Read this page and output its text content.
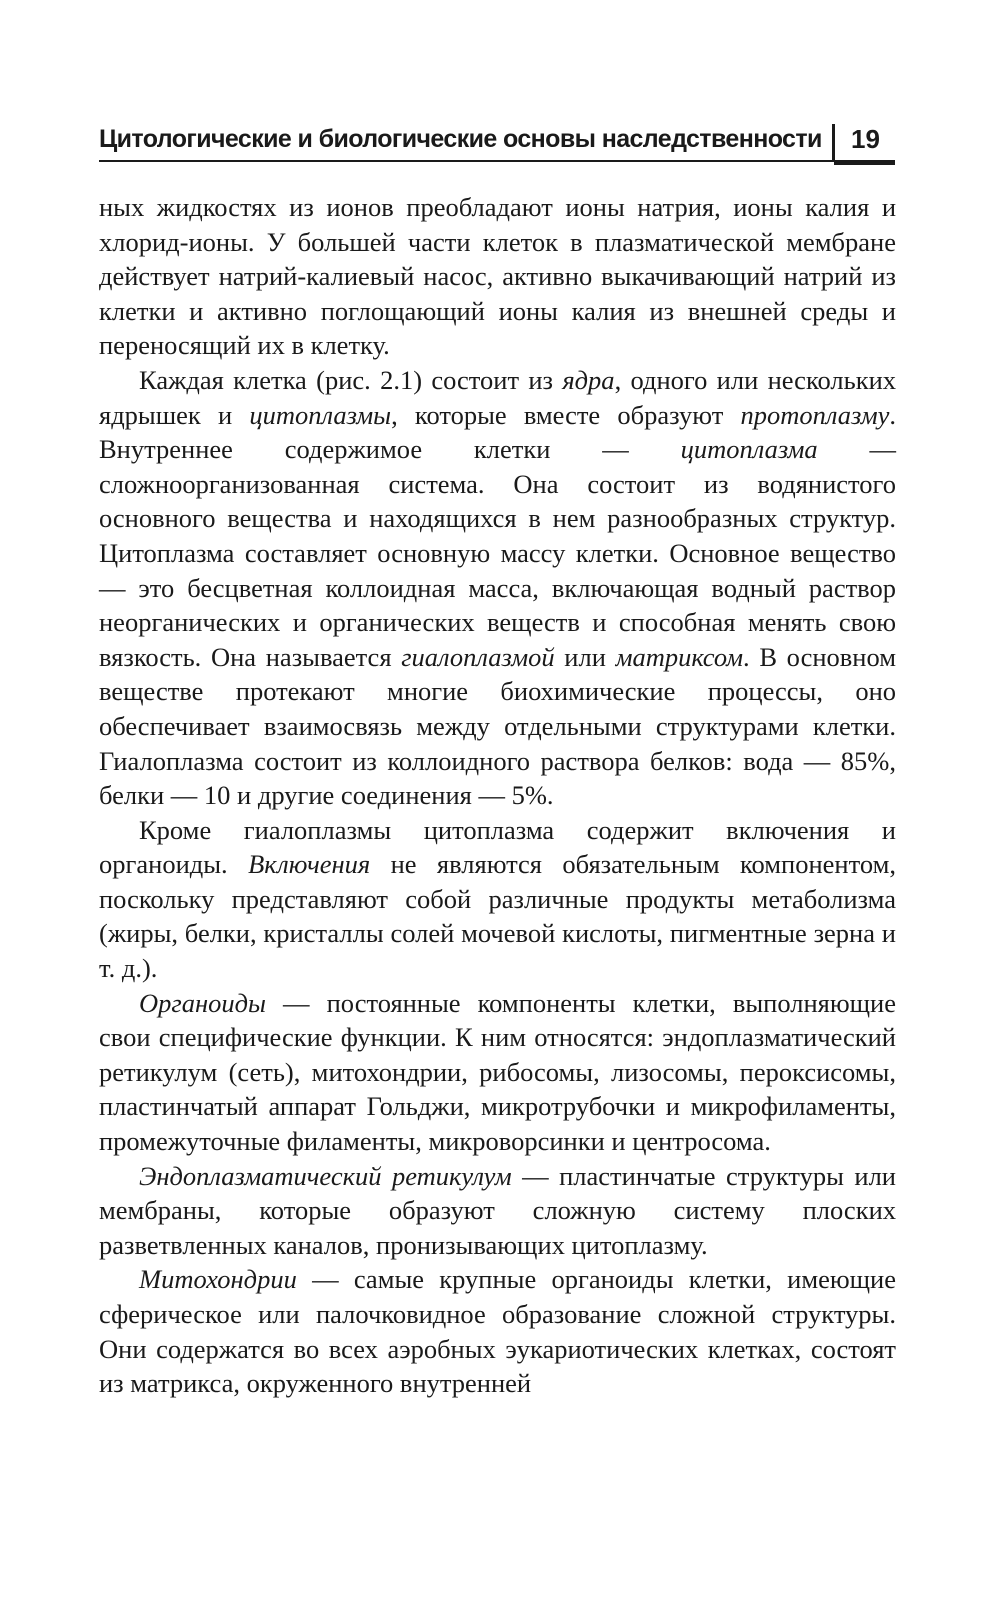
Цитологические и биологические основы наследственности 19

ных жидкостях из ионов преобладают ионы натрия, ионы калия и хлорид-ионы. У большей части клеток в плазматической мембране действует натрий-калиевый насос, активно выкачивающий натрий из клетки и активно поглощающий ионы калия из внешней среды и переносящий их в клетку.

Каждая клетка (рис. 2.1) состоит из ядра, одного или нескольких ядрышек и цитоплазмы, которые вместе образуют протоплазму. Внутреннее содержимое клетки — цитоплазма — сложноорганизованная система. Она состоит из водянистого основного вещества и находящихся в нем разнообразных структур. Цитоплазма составляет основную массу клетки. Основное вещество — это бесцветная коллоидная масса, включающая водный раствор неорганических и органических веществ и способная менять свою вязкость. Она называется гиалоплазмой или матриксом. В основном веществе протекают многие биохимические процессы, оно обеспечивает взаимосвязь между отдельными структурами клетки. Гиалоплазма состоит из коллоидного раствора белков: вода — 85%, белки — 10 и другие соединения — 5%.

Кроме гиалоплазмы цитоплазма содержит включения и органоиды. Включения не являются обязательным компонентом, поскольку представляют собой различные продукты метаболизма (жиры, белки, кристаллы солей мочевой кислоты, пигментные зерна и т. д.).

Органоиды — постоянные компоненты клетки, выполняющие свои специфические функции. К ним относятся: эндоплазматический ретикулум (сеть), митохондрии, рибосомы, лизосомы, пероксисомы, пластинчатый аппарат Гольджи, микротрубочки и микрофиламенты, промежуточные филаменты, микроворсинки и центросома.

Эндоплазматический ретикулум — пластинчатые структуры или мембраны, которые образуют сложную систему плоских разветвленных каналов, пронизывающих цитоплазму.

Митохондрии — самые крупные органоиды клетки, имеющие сферическое или палочковидное образование сложной структуры. Они содержатся во всех аэробных эукариотических клетках, состоят из матрикса, окруженного внутренней
